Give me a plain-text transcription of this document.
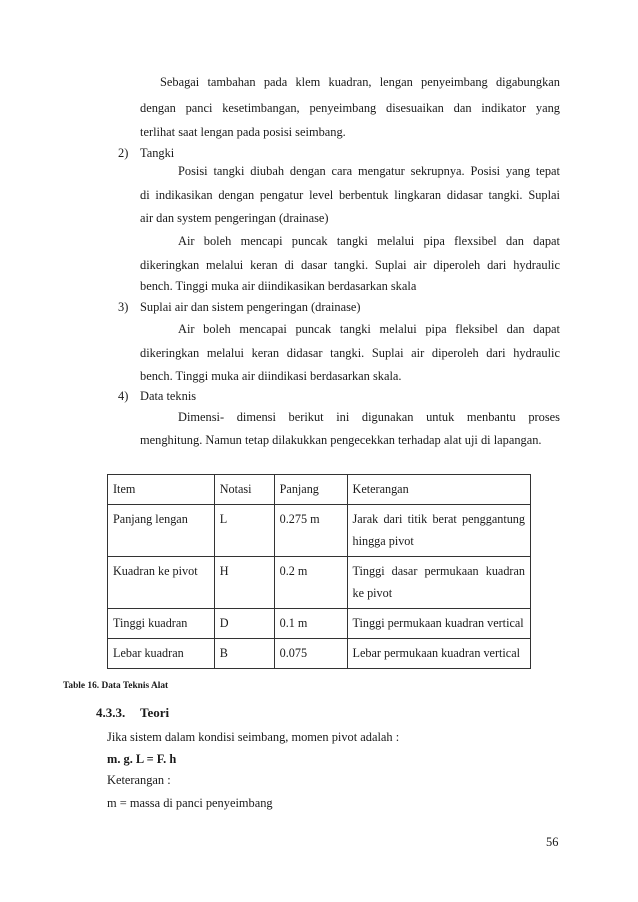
Sebagai tambahan pada klem kuadran, lengan penyeimbang digabungkan
dengan panci kesetimbangan, penyeimbang disesuaikan dan indikator yang
terlihat saat lengan pada posisi seimbang.
2) Tangki
Posisi tangki diubah dengan cara mengatur sekrupnya. Posisi yang tepat
di indikasikan dengan pengatur level berbentuk lingkaran didasar tangki. Suplai
air dan system pengeringan (drainase)
Air boleh mencapi puncak tangki melalui pipa flexsibel dan dapat
dikeringkan melalui keran di dasar tangki. Suplai air diperoleh dari hydraulic
bench. Tinggi muka air diindikasikan berdasarkan skala
3) Suplai air dan sistem pengeringan (drainase)
Air boleh mencapai puncak tangki melalui pipa fleksibel dan dapat
dikeringkan melalui keran didasar tangki. Suplai air diperoleh dari hydraulic
bench. Tinggi muka air diindikasi berdasarkan skala.
4) Data teknis
Dimensi- dimensi berikut ini digunakan untuk menbantu proses
menghitung. Namun tetap dilakukkan pengecekkan terhadap alat uji di lapangan.
Item	Notasi	Panjang	Keterangan
Panjang lengan	L	0.275 m	Jarak dari titik berat penggantung hingga pivot

Kuadran ke pivot	H	0.2 m	Tinggi dasar permukaan kuadran ke pivot

Tinggi kuadran	D	0.1 m	Tinggi permukaan kuadran vertical

Lebar kuadran	B	0.075	Lebar permukaan kuadran vertical
Table 16. Data Teknis Alat
4.3.3. Teori
Jika sistem dalam kondisi seimbang, momen pivot adalah :
m. g. L = F. h
Keterangan :
m = massa di panci penyeimbang
56
